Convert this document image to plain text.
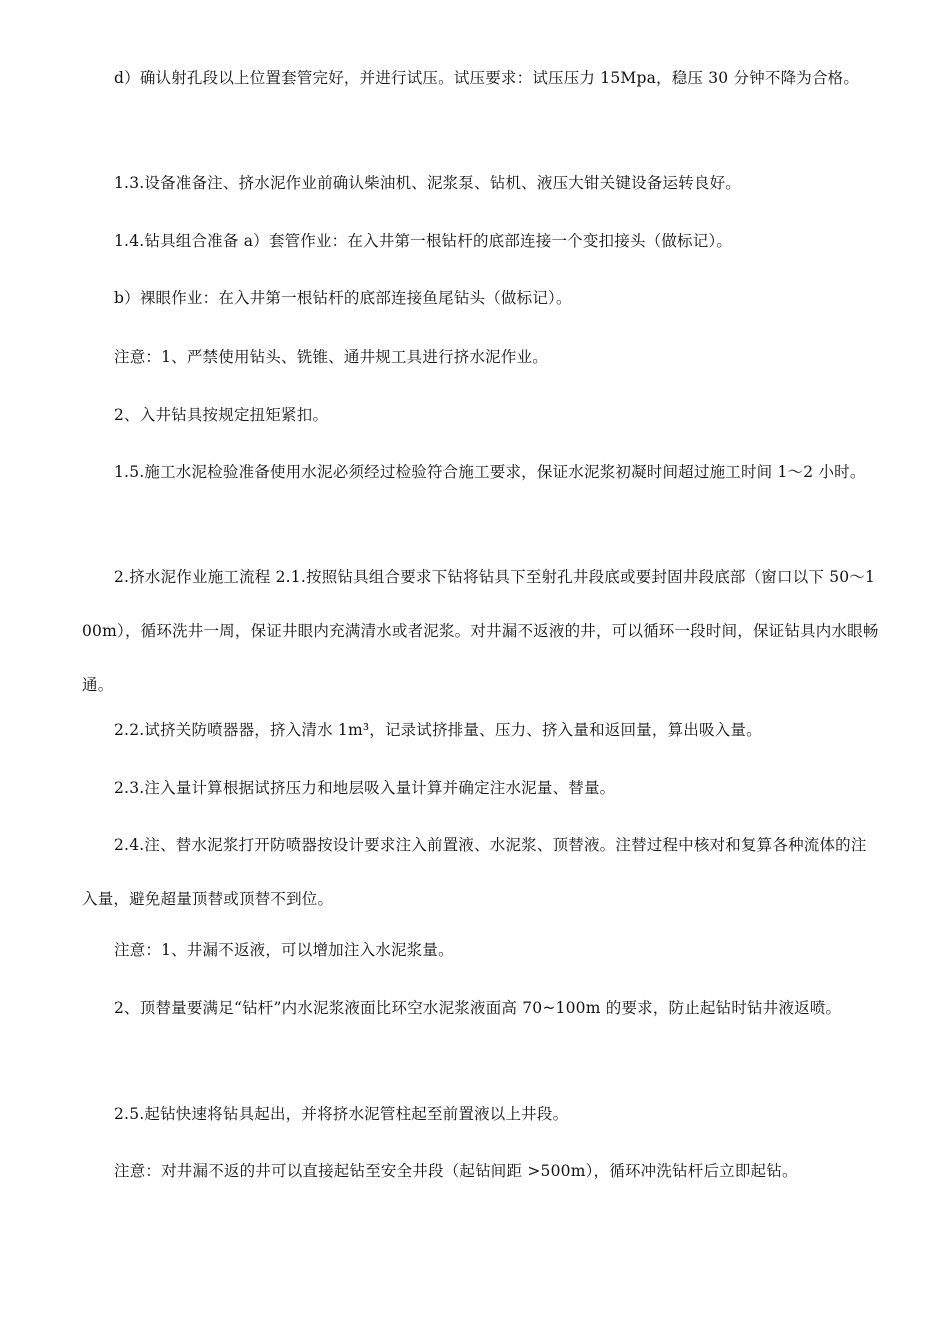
d）确认射孔段以上位置套管完好，并进行试压。试压要求：试压压力 15Mpa，稳压 30 分钟不降为合格。

1.3.设备准备注、挤水泥作业前确认柴油机、泥浆泵、钻机、液压大钳关键设备运转良好。

1.4.钻具组合准备 a）套管作业：在入井第一根钻杆的底部连接一个变扣接头（做标记）。

b）裸眼作业：在入井第一根钻杆的底部连接鱼尾钻头（做标记）。

注意：1、严禁使用钻头、铣锥、通井规工具进行挤水泥作业。

2、入井钻具按规定扭矩紧扣。

1.5.施工水泥检验准备使用水泥必须经过检验符合施工要求，保证水泥浆初凝时间超过施工时间 1～2 小时。

2.挤水泥作业施工流程 2.1.按照钻具组合要求下钻将钻具下至射孔井段底或要封固井段底部（窗口以下 50～100m），循环洗井一周，保证井眼内充满清水或者泥浆。对井漏不返液的井，可以循环一段时间，保证钻具内水眼畅通。

2.2.试挤关防喷器器，挤入清水 1m³，记录试挤排量、压力、挤入量和返回量，算出吸入量。

2.3.注入量计算根据试挤压力和地层吸入量计算并确定注水泥量、替量。

2.4.注、替水泥浆打开防喷器按设计要求注入前置液、水泥浆、顶替液。注替过程中核对和复算各种流体的注入量，避免超量顶替或顶替不到位。

注意：1、井漏不返液，可以增加注入水泥浆量。

2、顶替量要满足“钻杆”内水泥浆液面比环空水泥浆液面高 70~100m 的要求，防止起钻时钻井液返喷。

2.5.起钻快速将钻具起出，并将挤水泥管柱起至前置液以上井段。

注意：对井漏不返的井可以直接起钻至安全井段（起钻间距 >500m），循环冲洗钻杆后立即起钻。
